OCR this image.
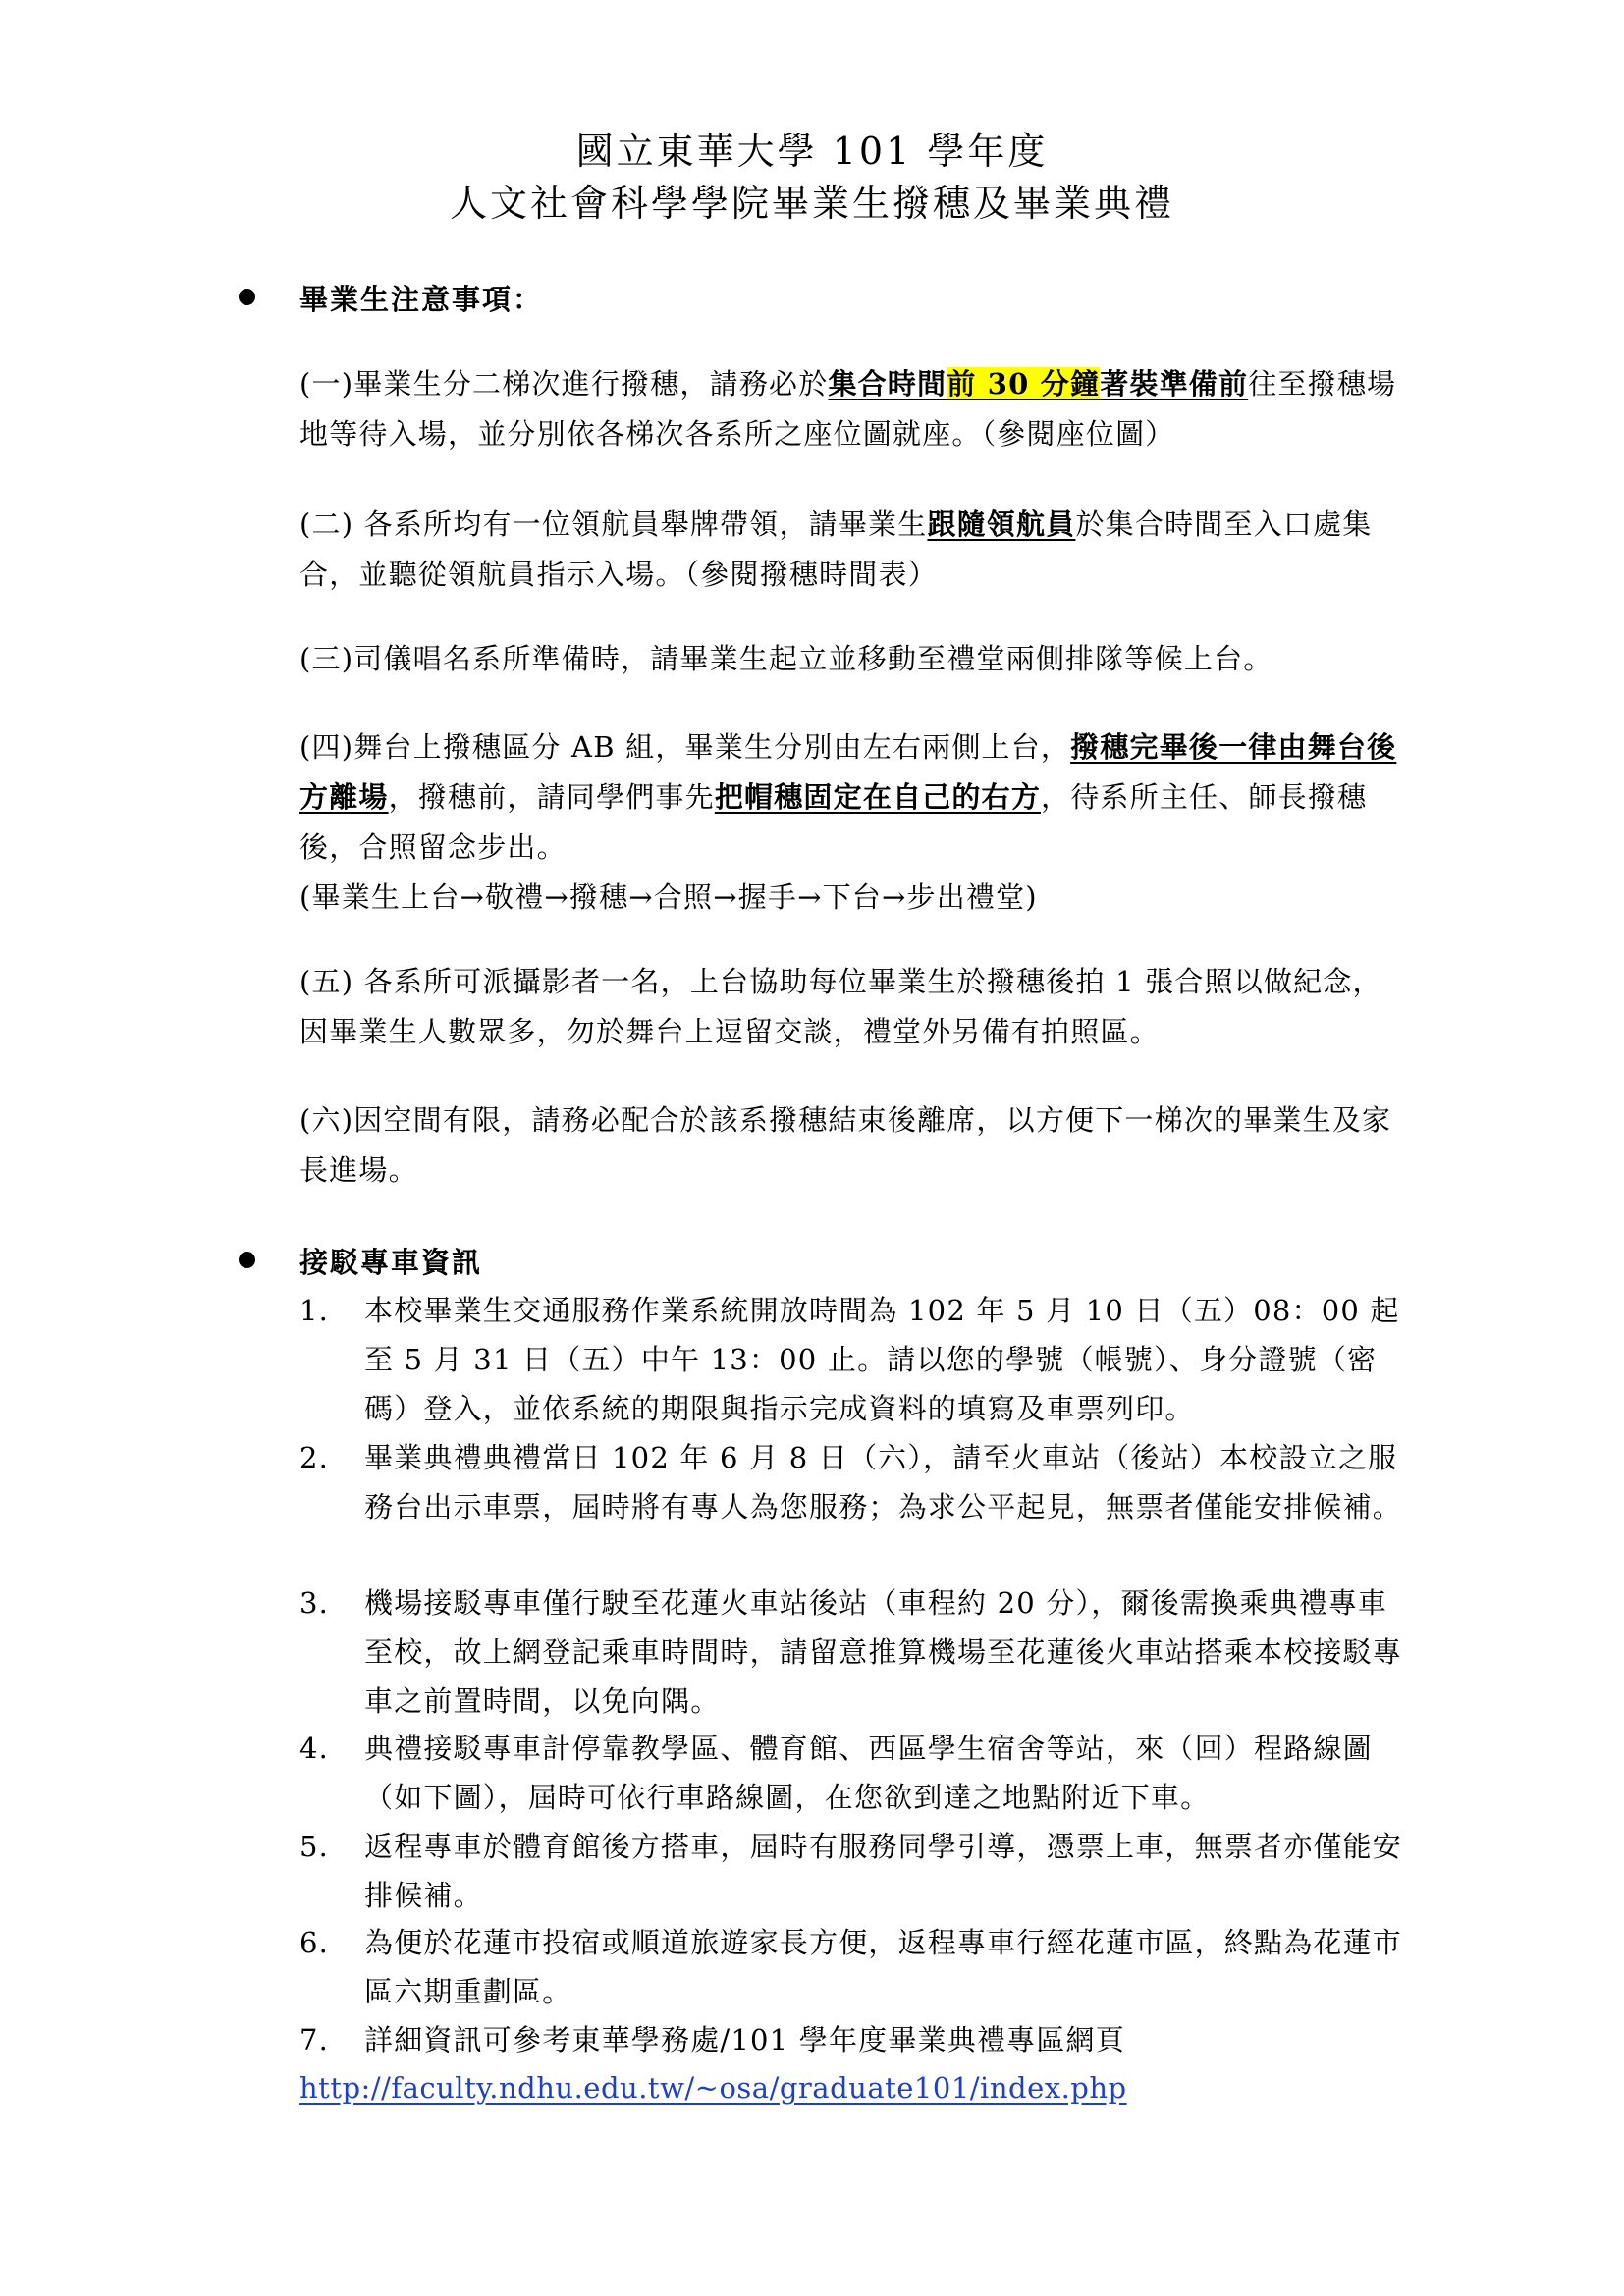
國立東華大學 101 學年度
人文社會科學學院畢業生撥穗及畢業典禮
畢業生注意事項：
(一)畢業生分二梯次進行撥穗，請務必於集合時間前 30 分鐘著裝準備前往至撥穗場地等待入場，並分別依各梯次各系所之座位圖就座。（參閱座位圖）
(二) 各系所均有一位領航員舉牌帶領，請畢業生跟隨領航員於集合時間至入口處集合，並聽從領航員指示入場。（參閱撥穗時間表）
(三)司儀唱名系所準備時，請畢業生起立並移動至禮堂兩側排隊等候上台。
(四)舞台上撥穗區分 AB 組，畢業生分別由左右兩側上台，撥穗完畢後一律由舞台後方離場，撥穗前，請同學們事先把帽穗固定在自己的右方，待系所主任、師長撥穗後，合照留念步出。
(畢業生上台→敬禮→撥穗→合照→握手→下台→步出禮堂)
(五) 各系所可派攝影者一名，上台協助每位畢業生於撥穗後拍 1 張合照以做紀念，因畢業生人數眾多，勿於舞台上逗留交談，禮堂外另備有拍照區。
(六)因空間有限，請務必配合於該系撥穗結束後離席，以方便下一梯次的畢業生及家長進場。
接駁專車資訊
1. 本校畢業生交通服務作業系統開放時間為 102 年 5 月 10 日（五）08：00 起至 5 月 31 日（五）中午 13：00 止。請以您的學號（帳號）、身分證號（密碼）登入，並依系統的期限與指示完成資料的填寫及車票列印。
2. 畢業典禮典禮當日 102 年 6 月 8 日（六），請至火車站（後站）本校設立之服務台出示車票，屆時將有專人為您服務；為求公平起見，無票者僅能安排候補。
3. 機場接駁專車僅行駛至花蓮火車站後站（車程約 20 分），爾後需換乘典禮專車至校，故上網登記乘車時間時，請留意推算機場至花蓮後火車站搭乘本校接駁專車之前置時間，以免向隅。
4. 典禮接駁專車計停靠教學區、體育館、西區學生宿舍等站，來（回）程路線圖（如下圖），屆時可依行車路線圖，在您欲到達之地點附近下車。
5. 返程專車於體育館後方搭車，屆時有服務同學引導，憑票上車，無票者亦僅能安排候補。
6. 為便於花蓮市投宿或順道旅遊家長方便，返程專車行經花蓮市區，終點為花蓮市區六期重劃區。
7. 詳細資訊可參考東華學務處/101 學年度畢業典禮專區網頁
http://faculty.ndhu.edu.tw/~osa/graduate101/index.php
